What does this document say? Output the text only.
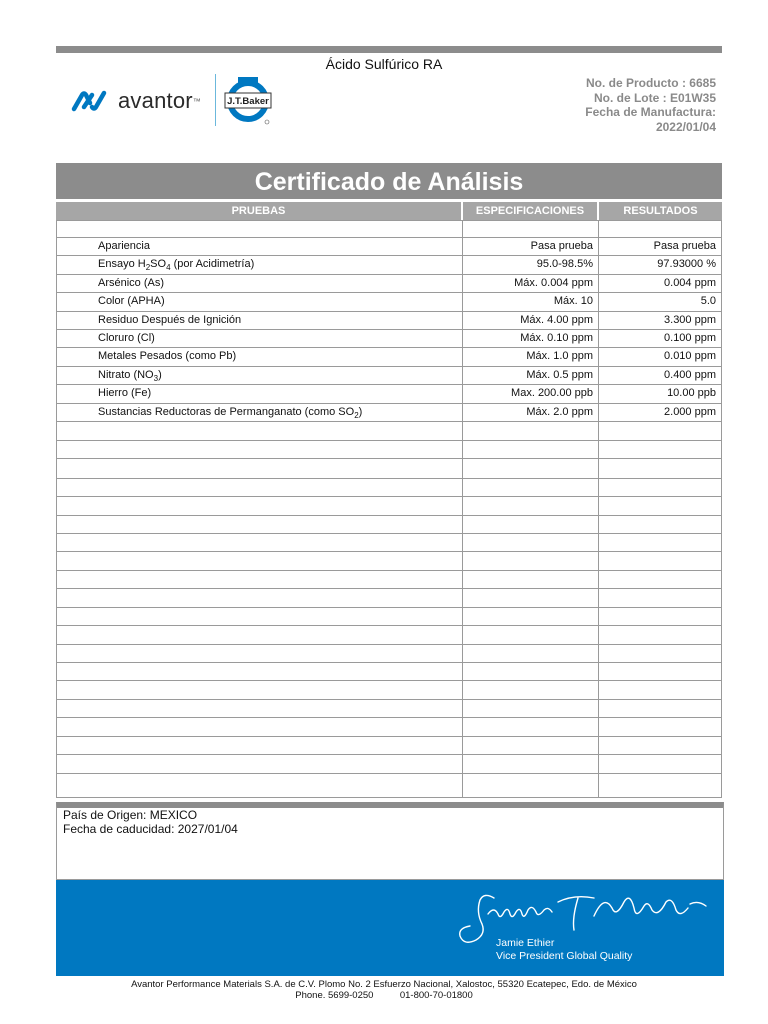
Ácido Sulfúrico RA
avantor ™	J.T.Baker
No. de Producto : 6685
No. de Lote : E01W35
Fecha de Manufactura:
2022/01/04
Certificado de Análisis
PRUEBAS	ESPECIFICACIONES	RESULTADOS
Apariencia	Pasa prueba	Pasa prueba
Ensayo $H_2SO_4$ (por Acidimetría)	95.0-98.5%	97.93000 %
Arsénico (As)	Máx. 0.004 ppm	0.004 ppm
Color (APHA)	Máx. 10	5.0
Residuo Después de Ignición	Máx. 4.00 ppm	3.300 ppm
Cloruro (Cl)	Máx. 0.10 ppm	0.100 ppm
Metales Pesados (como Pb)	Máx. 1.0 ppm	0.010 ppm
Nitrato $(NO_3)$	Máx. 0.5 ppm	0.400 ppm
Hierro (Fe)	Max. 200.00 ppb	10.00 ppb
Sustancias Reductoras de Permanganato (como $SO_2$)	Máx. 2.0 ppm	2.000 ppm
País de Origen: MEXICO
Fecha de caducidad: 2027/01/04
Jamie Ethier
Vice President Global Quality
Avantor Performance Materials S.A. de C.V. Plomo No. 2 Esfuerzo Nacional, Xalostoc, 55320 Ecatepec, Edo. de México
Phone. 5699-0250          01-800-70-01800
